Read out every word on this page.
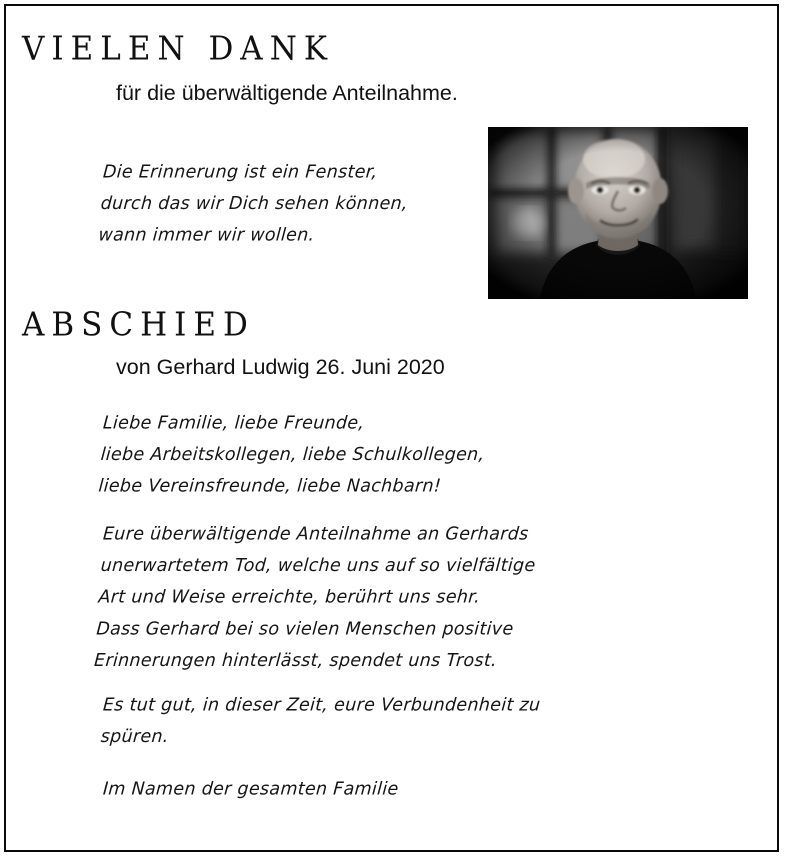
VIELEN DANK
für die überwältigende Anteilnahme.
Die Erinnerung ist ein Fenster,
durch das wir Dich sehen können,
wann immer wir wollen.
ABSCHIED
von Gerhard Ludwig 26. Juni 2020
Liebe Familie, liebe Freunde,
liebe Arbeitskollegen, liebe Schulkollegen,
liebe Vereinsfreunde, liebe Nachbarn!
Eure überwältigende Anteilnahme an Gerhards
unerwartetem Tod, welche uns auf so vielfältige
Art und Weise erreichte, berührt uns sehr.
Dass Gerhard bei so vielen Menschen positive
Erinnerungen hinterlässt, spendet uns Trost.
Es tut gut, in dieser Zeit, eure Verbundenheit zu
spüren.
Im Namen der gesamten Familie
